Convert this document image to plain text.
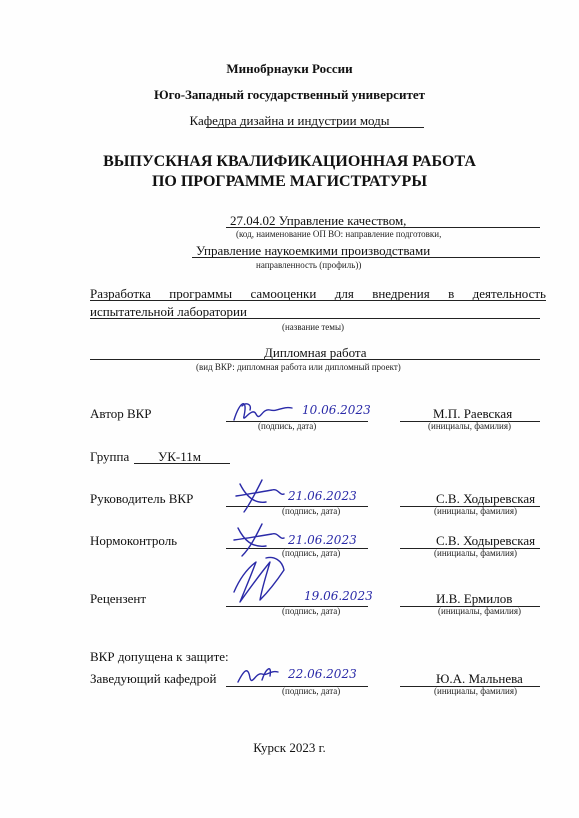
Минобрнауки России
Юго-Западный государственный университет
Кафедра дизайна и индустрии моды
ВЫПУСКНАЯ КВАЛИФИКАЦИОННАЯ РАБОТА
ПО ПРОГРАММЕ МАГИСТРАТУРЫ
27.04.02 Управление качеством,
(код, наименование ОП ВО: направление подготовки,
Управление наукоемкими производствами
направленность (профиль))
Разработка программы самооценки для внедрения в деятельность
испытательной лаборатории
(название темы)
Дипломная работа
(вид ВКР: дипломная работа или дипломный проект)
Автор ВКР
(подпись, дата)
М.П. Раевская
(инициалы, фамилия)
10.06.2023
Группа УК-11м
Руководитель ВКР
(подпись, дата)
С.В. Ходыревская
(инициалы, фамилия)
21.06.2023
Нормоконтроль
(подпись, дата)
С.В. Ходыревская
(инициалы, фамилия)
21.06.2023
Рецензент
(подпись, дата)
И.В. Ермилов
(инициалы, фамилия)
19.06.2023
ВКР допущена к защите:
Заведующий кафедрой
(подпись, дата)
Ю.А. Мальнева
(инициалы, фамилия)
22.06.2023
Курск 2023 г.
